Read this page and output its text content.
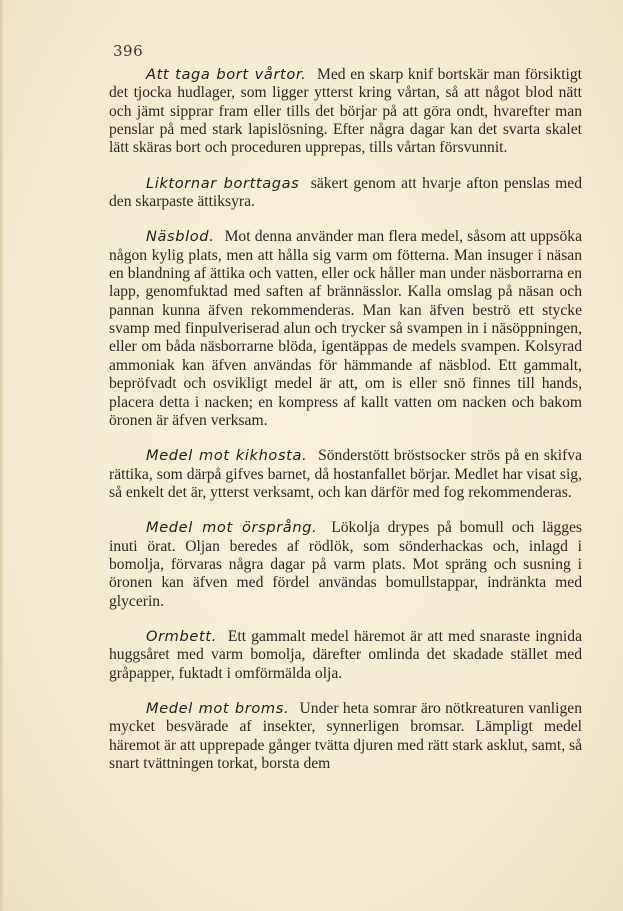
396

Att taga bort vårtor. Med en skarp knif bortskär man försiktigt det tjocka hudlager, som ligger ytterst kring vårtan, så att något blod nätt och jämt sipprar fram eller tills det börjar på att göra ondt, hvarefter man penslar på med stark lapislösning. Efter några dagar kan det svarta skalet lätt skäras bort och proceduren upprepas, tills vårtan försvunnit.

Liktornar borttagas säkert genom att hvarje afton penslas med den skarpaste ättiksyra.

Näsblod. Mot denna använder man flera medel, såsom att uppsöka någon kylig plats, men att hålla sig varm om fötterna. Man insuger i näsan en blandning af ättika och vatten, eller ock håller man under näsborrarna en lapp, genomfuktad med saften af brännässlor. Kalla omslag på näsan och pannan kunna äfven rekommenderas. Man kan äfven beströ ett stycke svamp med finpulveriserad alun och trycker så svampen in i näsöppningen, eller om båda näsborrarne blöda, igentäppas de medels svampen. Kolsyrad ammoniak kan äfven användas för hämmande af näsblod. Ett gammalt, bepröfvadt och osvikligt medel är att, om is eller snö finnes till hands, placera detta i nacken; en kompress af kallt vatten om nacken och bakom öronen är äfven verksam.

Medel mot kikhosta. Sönderstött bröstsocker strös på en skifva rättika, som därpå gifves barnet, då hostanfallet börjar. Medlet har visat sig, så enkelt det är, ytterst verksamt, och kan därför med fog rekommenderas.

Medel mot örsprång. Lökolja drypes på bomull och lägges inuti örat. Oljan beredes af rödlök, som sönderhackas och, inlagd i bomolja, förvaras några dagar på varm plats. Mot spräng och susning i öronen kan äfven med fördel användas bomullstappar, indränkta med glycerin.

Ormbett. Ett gammalt medel häremot är att med snaraste ingnida huggsåret med varm bomolja, därefter omlinda det skadade stället med gråpapper, fuktadt i omförmälda olja.

Medel mot broms. Under heta somrar äro nötkreaturen vanligen mycket besvärade af insekter, synnerligen bromsar. Lämpligt medel häremot är att upprepade gånger tvätta djuren med rätt stark asklut, samt, så snart tvättningen torkat, borsta dem
